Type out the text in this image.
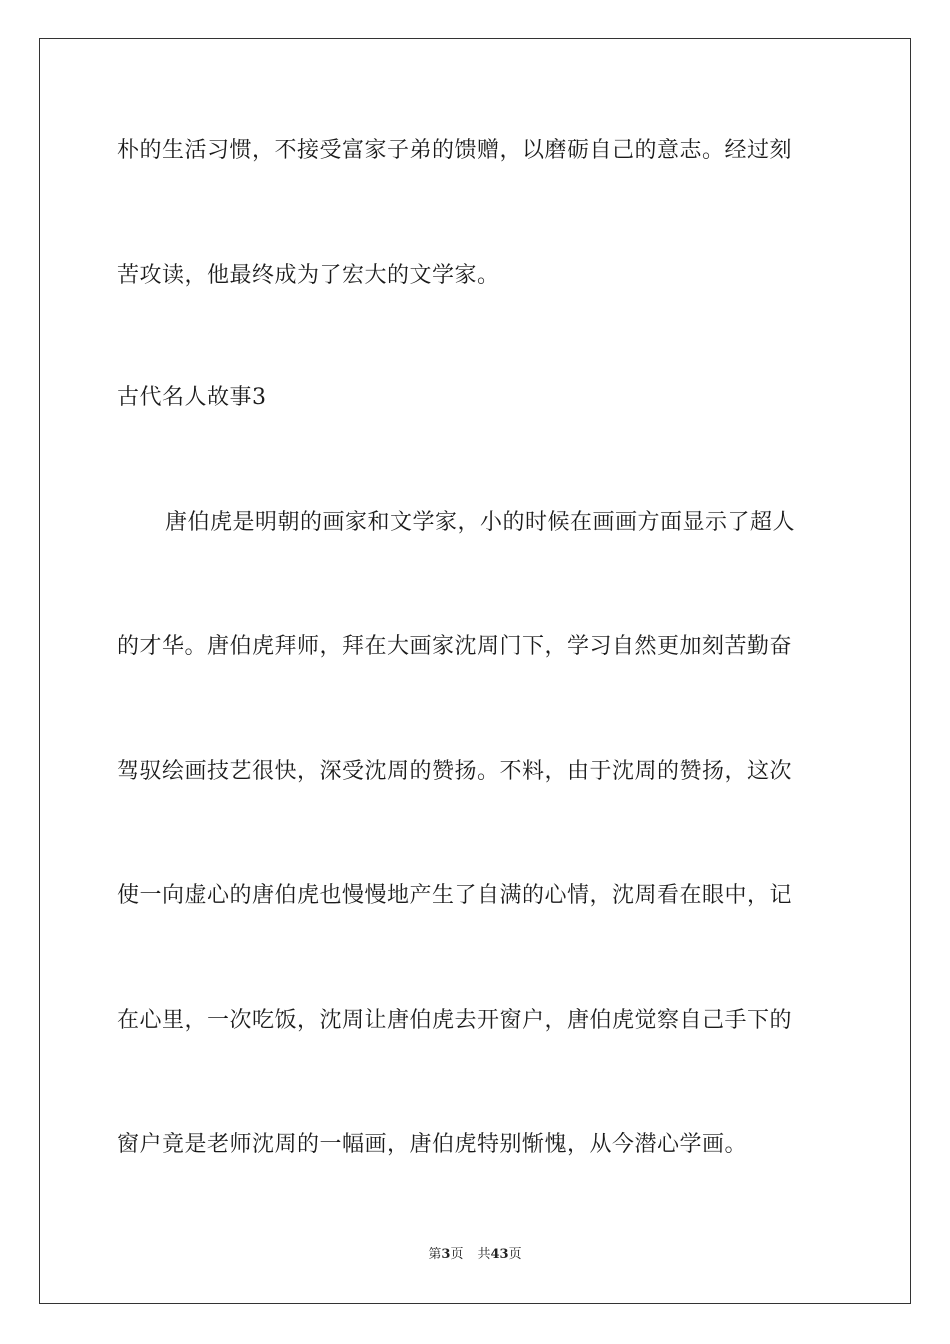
朴的生活习惯，不接受富家子弟的馈赠，以磨砺自己的意志。经过刻
苦攻读，他最终成为了宏大的文学家。
古代名人故事3
唐伯虎是明朝的画家和文学家，小的时候在画画方面显示了超人
的才华。唐伯虎拜师，拜在大画家沈周门下，学习自然更加刻苦勤奋
驾驭绘画技艺很快，深受沈周的赞扬。不料，由于沈周的赞扬，这次
使一向虚心的唐伯虎也慢慢地产生了自满的心情，沈周看在眼中，记
在心里，一次吃饭，沈周让唐伯虎去开窗户，唐伯虎觉察自己手下的
窗户竟是老师沈周的一幅画，唐伯虎特别惭愧，从今潜心学画。
第3页 共43页
